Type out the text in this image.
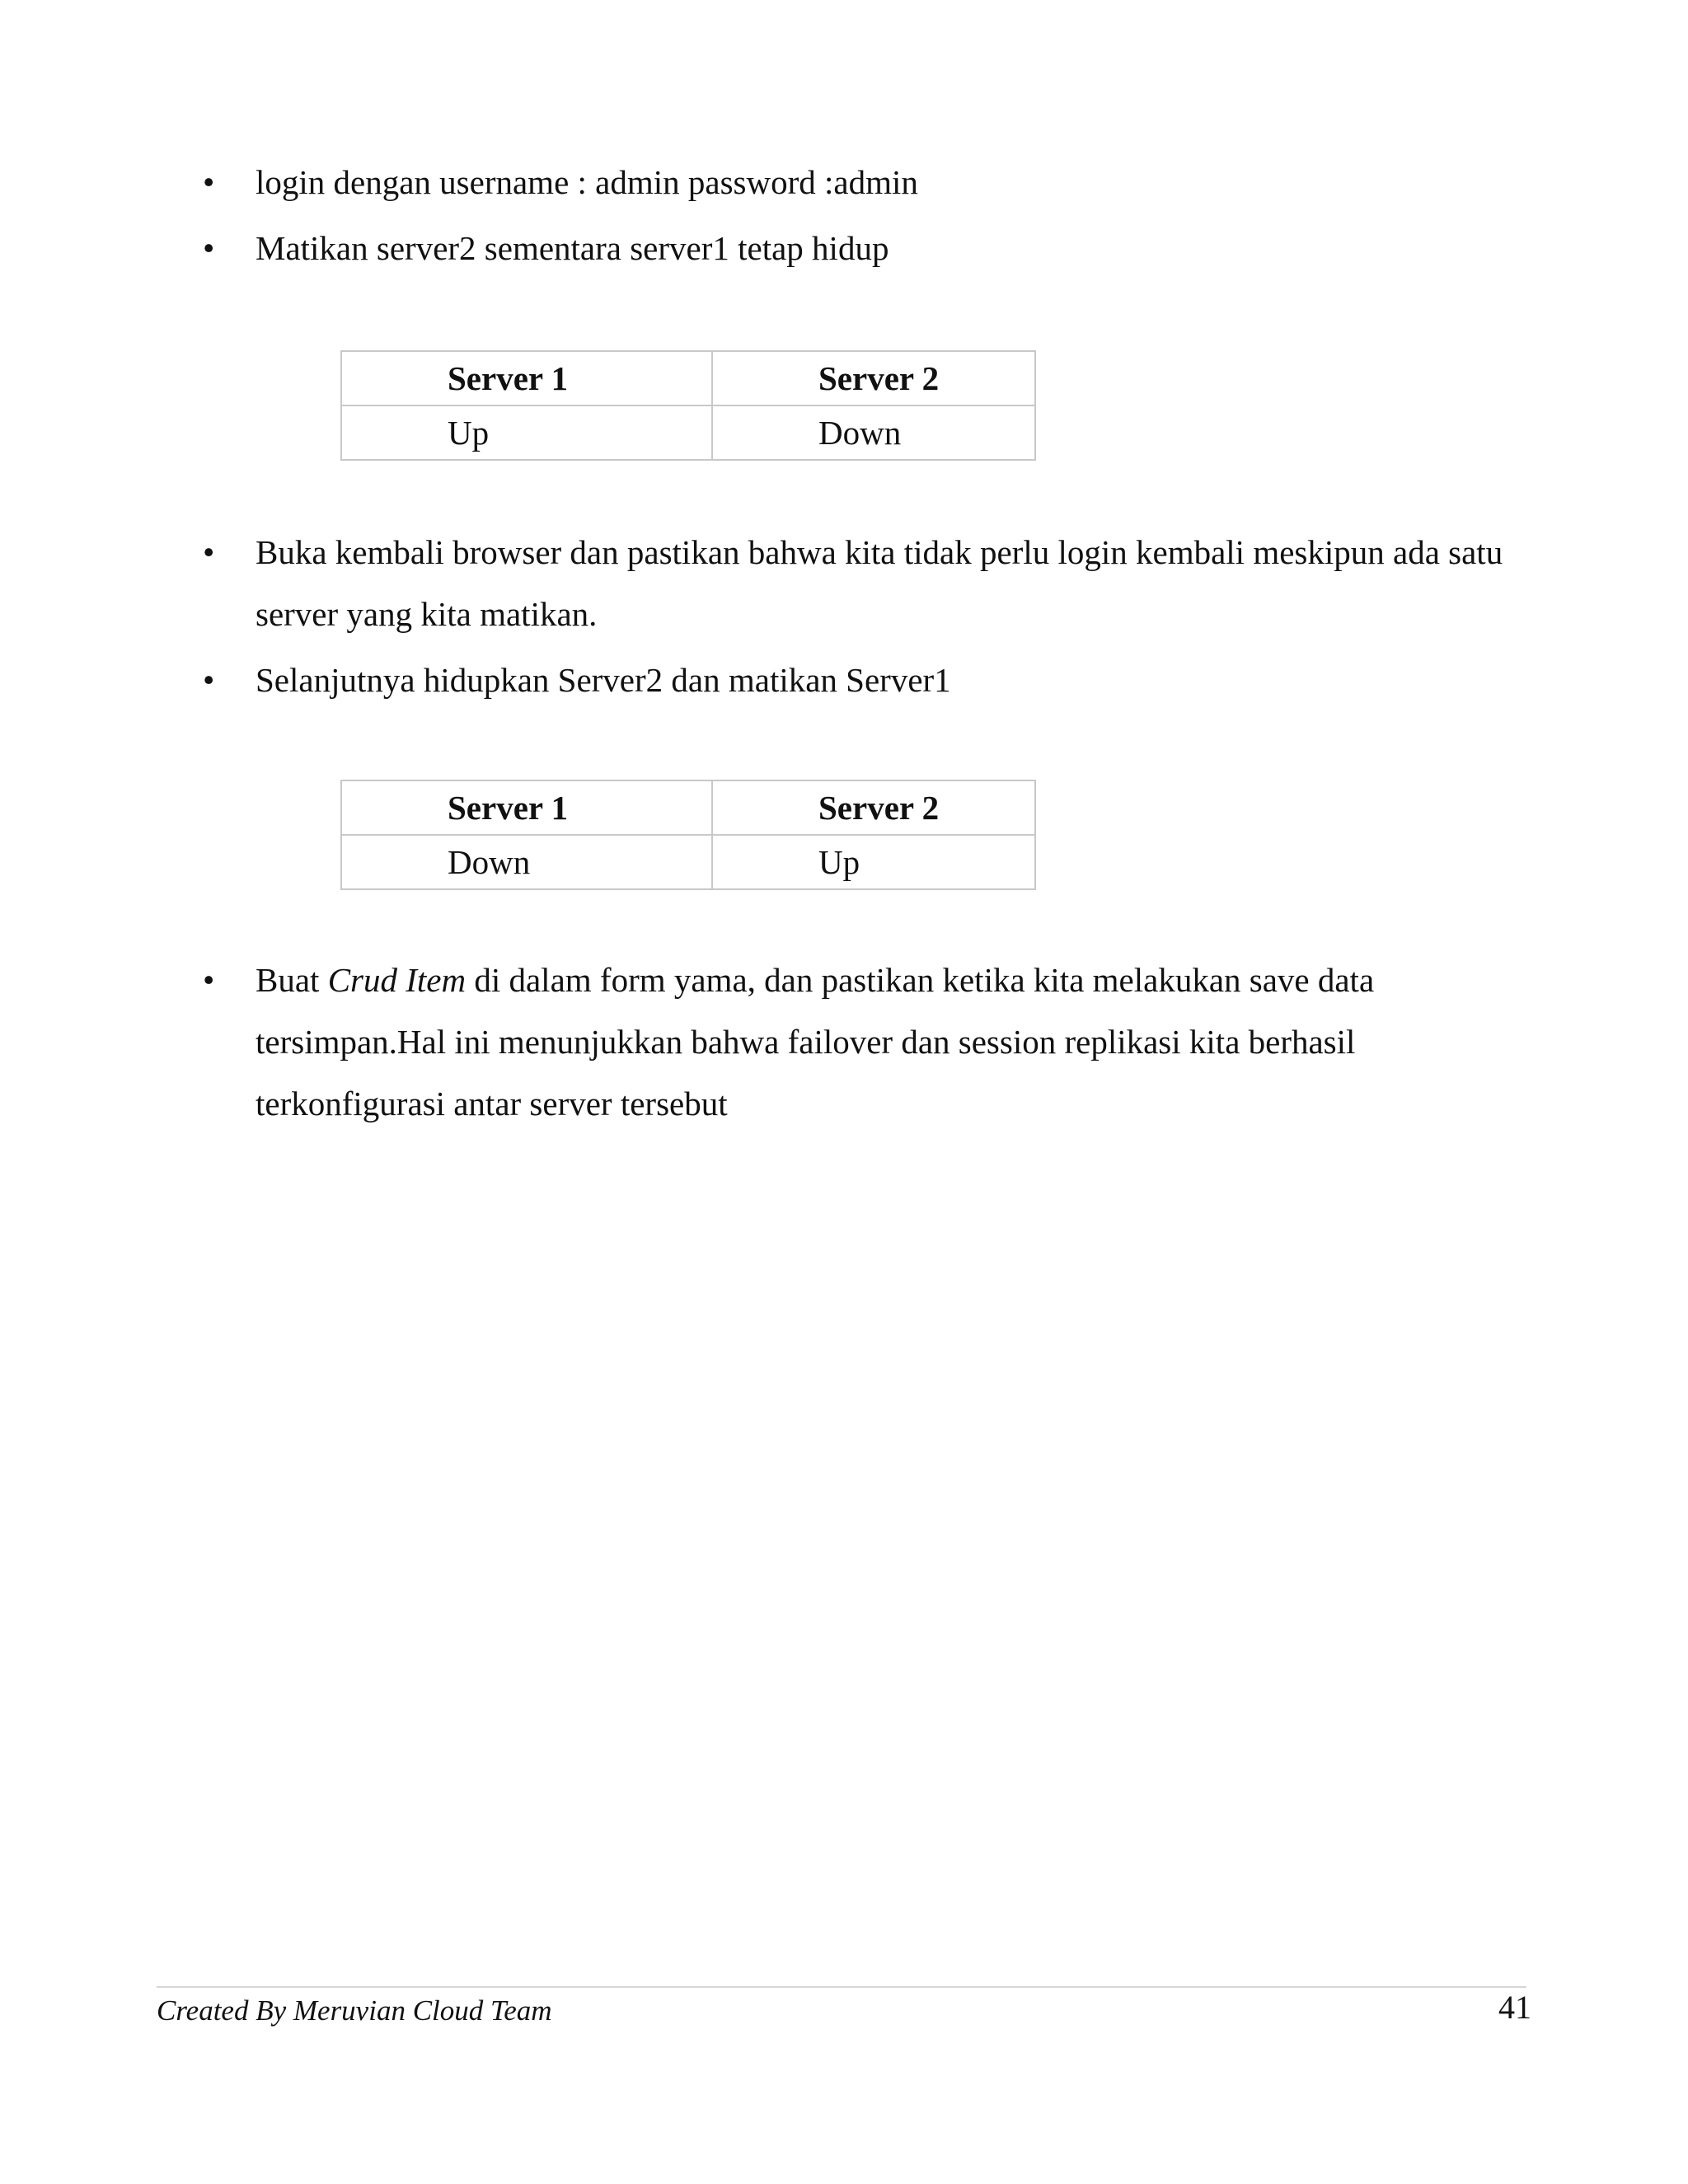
• login dengan username : admin password :admin
• Matikan server2 sementara server1 tetap hidup
Server 1	Server 2
Up	Down
• Buka kembali browser dan pastikan bahwa kita tidak perlu login kembali meskipun ada satu server yang kita matikan.
• Selanjutnya hidupkan Server2 dan matikan Server1
Server 1	Server 2
Down	Up
• Buat Crud Item di dalam form yama, dan pastikan ketika kita melakukan save data tersimpan.Hal ini menunjukkan bahwa failover dan session replikasi kita berhasil terkonfigurasi antar server tersebut
Created By Meruvian Cloud Team	41
